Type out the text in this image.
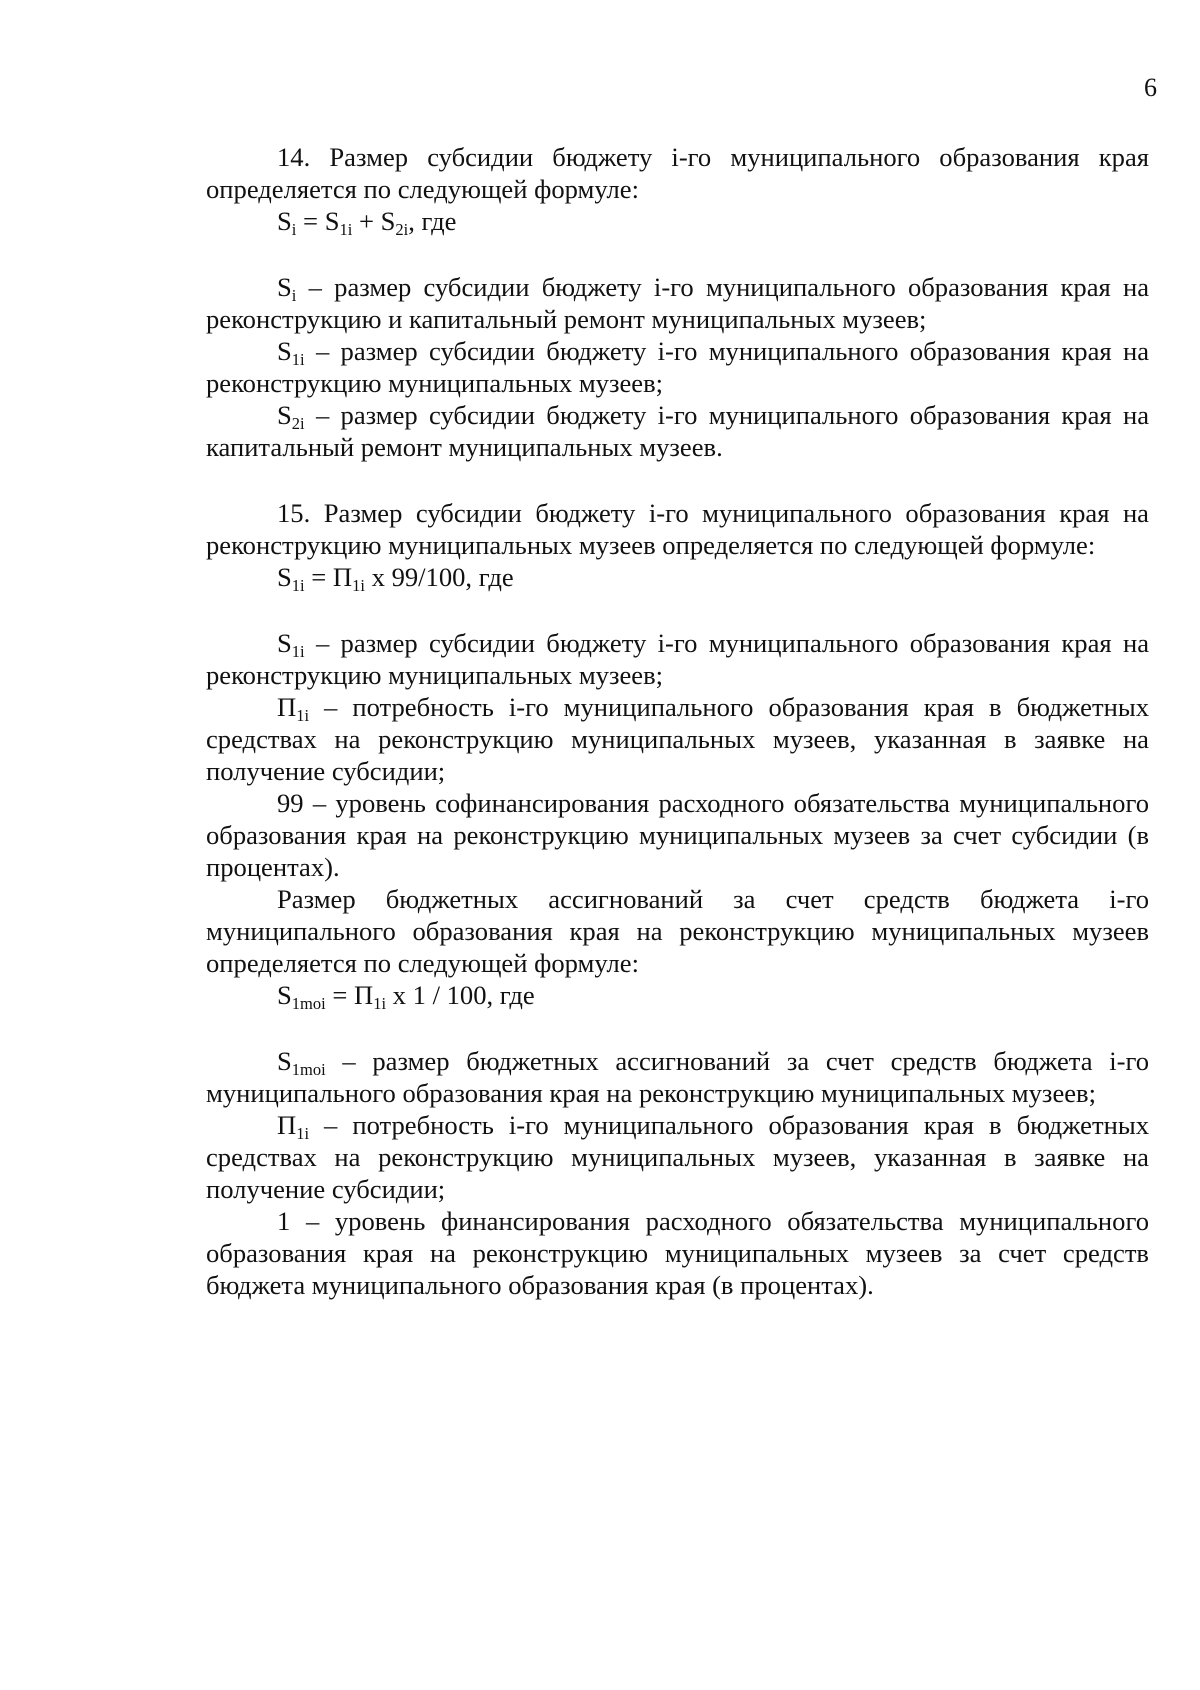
6

14. Размер субсидии бюджету i-го муниципального образования края определяется по следующей формуле:

$S_i = S_{1i} + S_{2i}$, где

$S_i$ – размер субсидии бюджету i-го муниципального образования края на реконструкцию и капитальный ремонт муниципальных музеев;

$S_{1i}$ – размер субсидии бюджету i-го муниципального образования края на реконструкцию муниципальных музеев;

$S_{2i}$ – размер субсидии бюджету i-го муниципального образования края на капитальный ремонт муниципальных музеев.

15. Размер субсидии бюджету i-го муниципального образования края на реконструкцию муниципальных музеев определяется по следующей формуле:

$S_{1i} = П_{1i}$ x 99/100, где

$S_{1i}$ – размер субсидии бюджету i-го муниципального образования края на реконструкцию муниципальных музеев;

$П_{1i}$ – потребность i-го муниципального образования края в бюджетных средствах на реконструкцию муниципальных музеев, указанная в заявке на получение субсидии;

99 – уровень софинансирования расходного обязательства муниципального образования края на реконструкцию муниципальных музеев за счет субсидии (в процентах).

Размер бюджетных ассигнований за счет средств бюджета i-го муниципального образования края на реконструкцию муниципальных музеев определяется по следующей формуле:

$S_{1moi} = П_{1i}$ x 1 / 100, где

$S_{1moi}$ – размер бюджетных ассигнований за счет средств бюджета i-го муниципального образования края на реконструкцию муниципальных музеев;

$П_{1i}$ – потребность i-го муниципального образования края в бюджетных средствах на реконструкцию муниципальных музеев, указанная в заявке на получение субсидии;

1 – уровень финансирования расходного обязательства муниципального образования края на реконструкцию муниципальных музеев за счет средств бюджета муниципального образования края (в процентах).
